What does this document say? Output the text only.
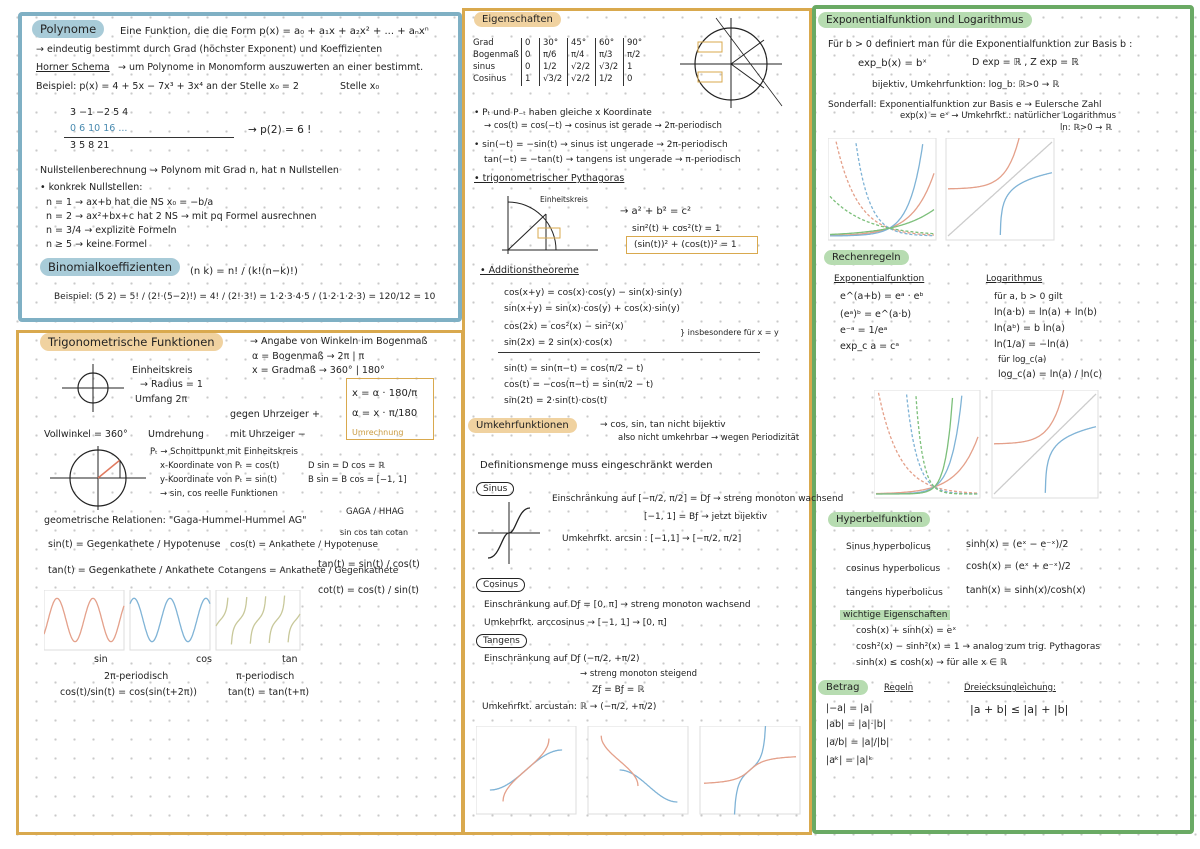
Polynome	Eine Funktion, die die Form p(x) = a₀ + a₁x + a₂x² + ... + aₙxⁿ
→ eindeutig bestimmt durch Grad (höchster Exponent) und Koeffizienten
Horner Schema → um Polynome in Monomform auszuwerten an einer bestimmt.
Beispiel: p(x) = 4 + 5x − 7x³ + 3x⁴ an der Stelle x₀ = 2	Stelle x₀
3 −1 −2 5 4
0 6 10 16 ...
3 5 8 21
→ p(2) = 6 !
Nullstellenberechnung → Polynom mit Grad n, hat n Nullstellen
• konkrek Nullstellen:
n = 1 → ax+b hat die NS x₀ = −b/a
n = 2 → ax²+bx+c hat 2 NS → mit pq Formel ausrechnen
n = 3/4 → explizite Formeln
n ≥ 5 → keine Formel
Binomialkoeffizienten	(n k) = n! / (k!(n−k)!)
Beispiel: (5 2) = 5! / (2!·(5−2)!) = 4! / (2!·3!) = 1·2·3·4·5 / (1·2·1·2·3) = 120/12 = 10
Trigonometrische Funktionen	→ Angabe von Winkeln im Bogenmaß
α = Bogenmaß → 2π | π
x = Gradmaß → 360° | 180°
Einheitskreis
→ Radius = 1
Umfang 2π
x = α · 180/π
α = x · π/180
Umrechnung
Vollwinkel = 360° Umdrehung
gegen Uhrzeiger +
mit Uhrzeiger −
Pₜ → Schnittpunkt mit Einheitskreis
x-Koordinate von Pₜ = cos(t)
y-Koordinate von Pₜ = sin(t)
→ sin, cos reelle Funktionen
D sin = D cos = ℝ
B sin = B cos = [−1, 1]
geometrische Relationen: "Gaga-Hummel-Hummel AG"
GAGA / HHAG
sin cos tan cotan
sin(t) = Gegenkathete / Hypotenuse cos(t) = Ankathete / Hypotenuse
tan(t) = Gegenkathete / Ankathete Cotangens = Ankathete / Gegenkathete
tan(t) = sin(t) / cos(t)
cot(t) = cos(t) / sin(t)
sin	cos	tan
2π-periodisch
cos(t)/sin(t) = cos(sin(t+2π))
π-periodisch
tan(t) = tan(t+π)
Eigenschaften
Grad	0	30°	45°	60°	90°
Bogenmaß 0	π/6	π/4	π/3	π/2
sinus	0	1/2	√2/2	√3/2	1
Cosinus	1	√3/2	√2/2	1/2	0
• Pₜ und P₋ₜ haben gleiche x Koordinate
→ cos(t) = cos(−t) → cosinus ist gerade → 2π-periodisch
• sin(−t) = −sin(t) → sinus ist ungerade → 2π-periodisch
tan(−t) = −tan(t) → tangens ist ungerade → π-periodisch
• trigonometrischer Pythagoras
Einheitskreis
→ a² + b² = c²
sin²(t) + cos²(t) = 1
(sin(t))² + (cos(t))² = 1
• Additionstheoreme
cos(x+y) = cos(x)·cos(y) − sin(x)·sin(y)
sin(x+y) = sin(x)·cos(y) + cos(x)·sin(y)
cos(2x) = cos²(x) − sin²(x)
sin(2x) = 2 sin(x)·cos(x)
} insbesondere für x = y
sin(t) = sin(π−t) = cos(π/2 − t)
cos(t) = −cos(π−t) = sin(π/2 − t)
sin(2t) = 2·sin(t)·cos(t)
Umkehrfunktionen	→ cos, sin, tan nicht bijektiv
also nicht umkehrbar → wegen Periodizität
Definitionsmenge muss eingeschränkt werden
Sinus
Einschränkung auf [−π/2, π/2] = Dƒ → streng monoton wachsend
[−1, 1] = Bƒ → jetzt bijektiv
Umkehrfkt. arcsin : [−1,1] → [−π/2, π/2]
Cosinus
Einschränkung auf Dƒ = [0, π] → streng monoton wachsend
Umkehrfkt. arccosinus → [−1, 1] → [0, π]
Tangens
Einschränkung auf Dƒ (−π/2, +π/2)
→ streng monoton steigend
Zƒ = Bƒ = ℝ
Umkehrfkt. arcustan: ℝ → (−π/2, +π/2)
Exponentialfunktion und Logarithmus
Für b > 0 definiert man für die Exponentialfunktion zur Basis b :
exp_b(x) = bˣ	D exp = ℝ , Z exp = ℝ
bijektiv, Umkehrfunktion: log_b: ℝ>0 → ℝ
Sonderfall: Exponentialfunktion zur Basis e → Eulersche Zahl
exp(x) = eˣ → Umkehrfkt.: natürlicher Logarithmus
ln: ℝ>0 → ℝ
Rechenregeln
Exponentialfunktion
e^(a+b) = eᵃ · eᵇ
(eᵃ)ᵇ = e^(a·b)
e⁻ᵃ = 1/eᵃ
exp_c a = cᵃ
Logarithmus
für a, b > 0 gilt
ln(a·b) = ln(a) + ln(b)
ln(aᵇ) = b ln(a)
ln(1/a) = −ln(a)
für log_c(a)
log_c(a) = ln(a) / ln(c)
Hyperbelfunktion
Sinus hyperbolicus	sinh(x) = (eˣ − e⁻ˣ)/2
cosinus hyperbolicus	cosh(x) = (eˣ + e⁻ˣ)/2
tangens hyperbolicus tanh(x) = sinh(x)/cosh(x)
wichtige Eigenschaften
cosh(x) + sinh(x) = eˣ
cosh²(x) − sinh²(x) = 1 → analog zum trig. Pythagoras
sinh(x) ≤ cosh(x) → für alle x ∈ ℝ
Betrag	Regeln
|−a| = |a|
|ab| = |a|·|b|
|a/b| = |a|/|b|
|aᵏ| = |a|ᵏ
Dreiecksungleichung:
|a + b| ≤ |a| + |b|
